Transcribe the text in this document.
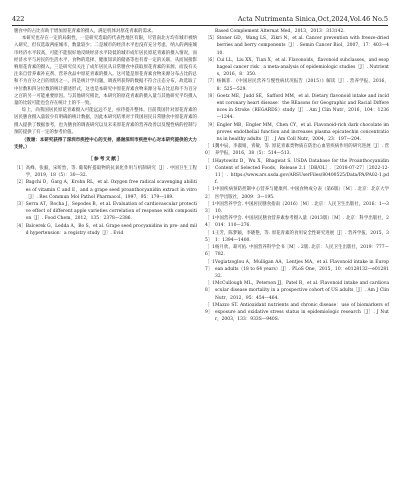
422	Acta Nutrimenta Sinica,Oct,2024,Vol.46 No.5

膳食中的占比有助于增加原花青素的摄入，满足机体对原花青素的需求。

本研究也存在一定的局限性，一是研究选取的代表性地区有限，尽管南北方均有城市被纳入研究，但仅选取两座城市，数量较少；二是城市的经济水平也没有充分考虑，纳入的两座城市经济水平较高，可能不能很好地反映经济水平较低的城市成年居民原花青素的摄入情况，而经济水平与居民的生活水平、食物的选择、健康知识的储备等也有着一定的关联，从而间接影响原花青素的摄入。三是研究仅关注了成年居民从日常膳食中获取原花青素的来源，而没有关注来自营养素补充剂、营养食品中原花青素的摄入。这可能是原花青素食物来源分布占比的总和不为百分之百的原因之一。四是统计学问题，调查所获得的数据不符合正态分布，故选取了中位数和四分位数的统计描述形式，这也是本研究中原花青素食物来源分布占比总和不为百分之百的另一可能重要原因。与其他研究相比，本研究的原花青素的摄入量与其他研究平均摄入量的比较可能也会存在统计上的不一致。

综上，尚我国居民原花青素摄入可能远远不足，亟待提升整体。目前我国针对原花青素的居民膳食摄入量较少有明确的统计数据，因此本研究结果对于我国居民日常膳食中原花青素的摄入提供了数据参考，也为膳食的调查研究以及未来原花青素的营养改善以及慢性病的控制与预防提供了有一定的参考价值。

（致谢：本研究获得了深圳市疾控中心的支持，感谢深圳市疾控中心对本研究提供的大力支持。）

［参考文献］
［1］ 高峰，张毅，宋昕怡，等. 葡萄籽提取物的抗氧化作用与机制研究［J］. 中国卫生工程学，2019，18（5）：30—32.
［2］ Bagchi D，Garg A，Krohn RL，et al. Oxygen free radical scavenging abilities of vitamin C and E，and a grape seed proanthocyanidin extract in vitro［J］. Res Commun Mol Pathol Pharmacol，1997，95：179—189.
［3］ Serra AT，Rocha J，Sepodes B，et al. Evaluation of cardiovascular protective effect of different apple varieties correlation of response with composition［J］. Food Chem，2012，135：2378—2386.
［4］ Balcerek G，Ledda A，Bo S，et al. Grape seed procyanidins in pre- and mild hypertension：a registry study［J］. Evid
Based Complement Alternat Med，2013，2013：313142.
［5］ Stoner GD，Wang LS，Zikri N，et al. Cancer prevention with freeze-dried berries and berry components［J］. Semin Cancer Biol，2007，17：403—410.
［6］ Cui LL，Liu XX，Tian X，et al. Flavonoids，flavonoid subclasses，and esophageal cancer risk：a meta-analysis of epidemiologic studies［J］. Nutrients，2016，8：350.
［7］ 杨佩菲. 《中国居民营养与慢性病状况报告（2015）》解读［J］. 营养学报，2016，8：525—529.
［8］ Goetz ME，Judd SE，Safford MM，et al. Dietary flavonoid intake and incident coronary heart disease：the REasons for Geographic and Racial Differences in Stroke（REGARDS）study［J］. Am J Clin Nutr，2016，104：1236—1244.
［9］ Engler MB，Engler MM，Chen CY，et al. Flavonoid-rich dark chocolate improves endothelial function and increases plasma epicatechin concentrations in healthy adults［J］. J Am Coll Nutr，2004，23：197—204.
［10］
魏中辰，李淑娟，青敏，等. 原花青素类物质在防治心血管疾病作用的研究进展［J］. 营养学报，2016，38（5）：514—513.
［11］
Haytowitz D，Wu X，Bhagwat S. USDA Database for the Proanthocyanidin Content of Selected Foods，Release 2.1［DB/OL］.［2018-07-27］［2022-12-11］. https://www.ars.usda.gov/ARSUserFiles/80400525/Data/PA/PA02-1.pdf.
［12］
中国疾病预防控制中心营养与健康所. 中国食物成分表（第6版）［M］. 北京：北京大学医学出版社，2009：3—195.
［13］
中国营养学会. 中国居民膳食指南（2016）［M］. 北京：人民卫生出版社，2016：1—310.
［14］
中国营养学会. 中国居民膳食营养素参考摄入量（2013版）［M］. 北京：科学出版社，2014：110—276.
［15］
王芳，陈梦颖，李晓艳，等. 原花青素的食用安全性研究进展［J］. 营养学报，2015，31：1394—1400.
［16］
杨月欣，葛可佑. 中国营养科学全书［M］. 2版. 北京：人民卫生出版社，2019：777—782.
［17］
Vogiatzoglou A，Mulligan AA，Lentjes MA，et al. Flavonoid intake in European adults（18 to 64 years）［J］. PLoS One，2015，10：e0128132—e0128132.
［18］
McCullough ML，Peterson JJ，Patel R，et al. Flavonoid intake and cardiovascular disease mortality in a prospective cohort of US adults［J］. Am J Clin Nutr，2012，95：454—464.
［19］
Mazzo ST. Antioxidant nutrients and chronic disease：use of biomarkers of exposure and oxidative stress status in epidemiologic research［J］. J Nutr，2003，133：933S—940S.
